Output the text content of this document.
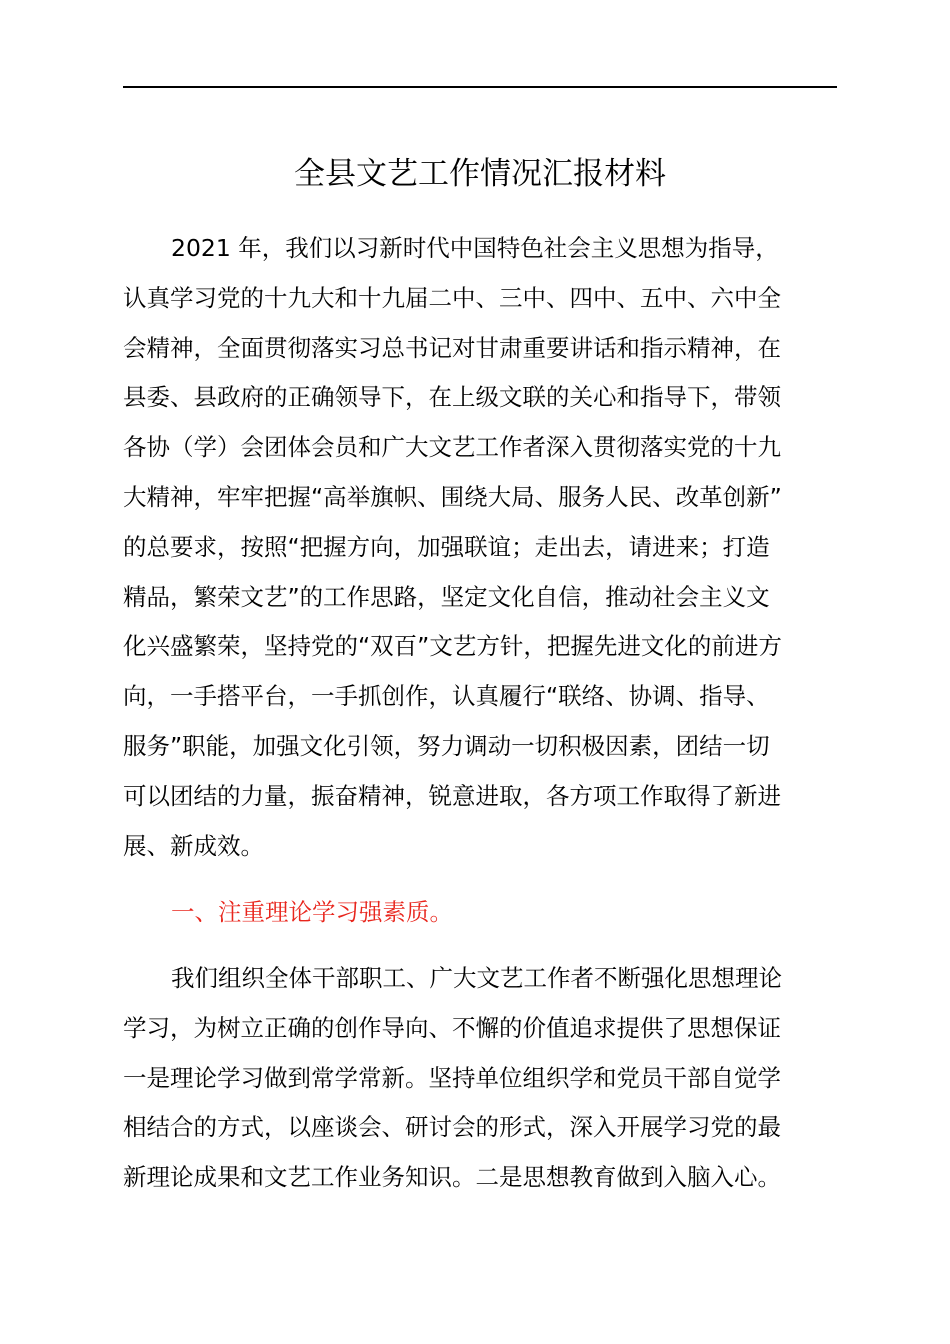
全县文艺工作情况汇报材料
2021 年，我们以习新时代中国特色社会主义思想为指导，
认真学习党的十九大和十九届二中、三中、四中、五中、六中全
会精神，全面贯彻落实习总书记对甘肃重要讲话和指示精神，在
县委、县政府的正确领导下，在上级文联的关心和指导下，带领
各协（学）会团体会员和广大文艺工作者深入贯彻落实党的十九
大精神，牢牢把握“高举旗帜、围绕大局、服务人民、改革创新”
的总要求，按照“把握方向，加强联谊；走出去，请进来；打造
精品，繁荣文艺”的工作思路，坚定文化自信，推动社会主义文
化兴盛繁荣，坚持党的“双百”文艺方针，把握先进文化的前进方
向，一手搭平台，一手抓创作，认真履行“联络、协调、指导、
服务”职能，加强文化引领，努力调动一切积极因素，团结一切
可以团结的力量，振奋精神，锐意进取，各方项工作取得了新进
展、新成效。
一、注重理论学习强素质。
我们组织全体干部职工、广大文艺工作者不断强化思想理论
学习，为树立正确的创作导向、不懈的价值追求提供了思想保证
一是理论学习做到常学常新。坚持单位组织学和党员干部自觉学
相结合的方式，以座谈会、研讨会的形式，深入开展学习党的最
新理论成果和文艺工作业务知识。二是思想教育做到入脑入心。
